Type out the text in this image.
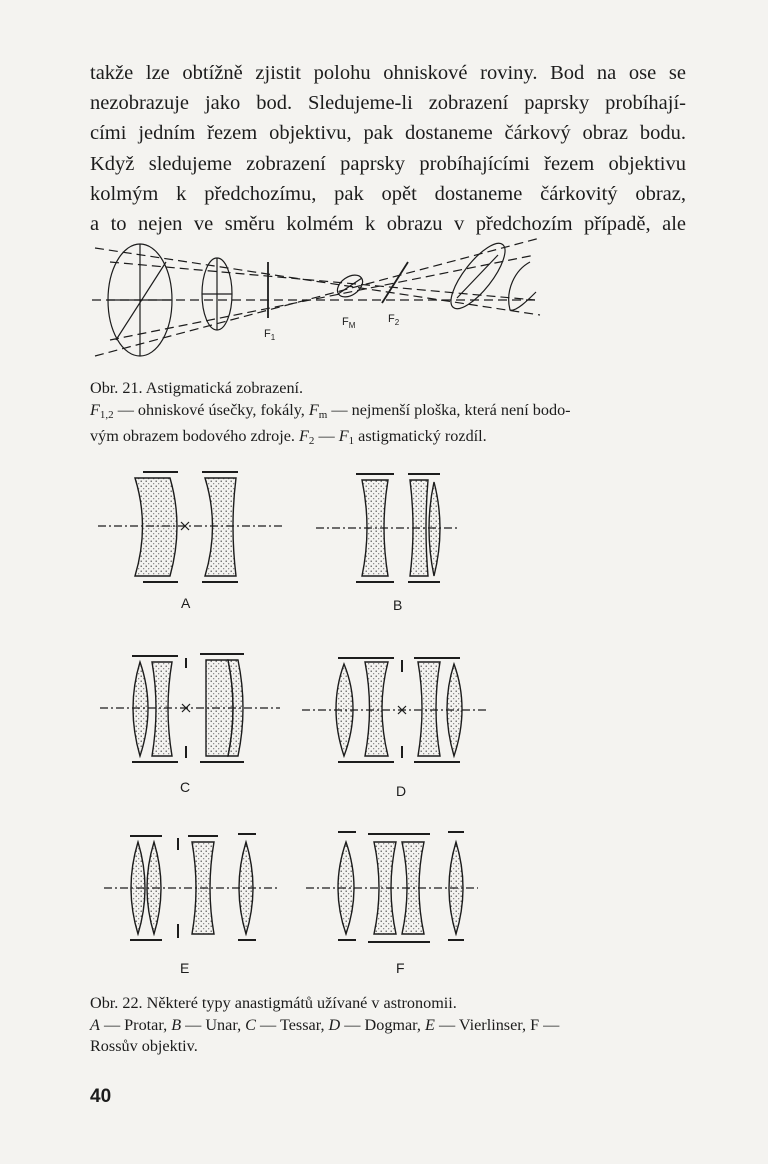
takže lze obtížně zjistit polohu ohniskové roviny. Bod na ose se
nezobrazuje jako bod. Sledujeme-li zobrazení paprsky probíhají-
cími jedním řezem objektivu, pak dostaneme čárkový obraz bodu.
Když sledujeme zobrazení paprsky probíhajícími řezem objektivu
kolmým k předchozímu, pak opět dostaneme čárkovitý obraz,
a to nejen ve směru kolmém k obrazu v předchozím případě, ale
$F_1$
$F_M$
$F_2$
Obr. 21. Astigmatická zobrazení.
$F_{1,2}$ — ohniskové úsečky, fokály, $F_m$ — nejmenší ploška, která není bodo-
vým obrazem bodového zdroje. $F_2$ — $F_1$ astigmatický rozdíl.
A	B
C	D
E	F
Obr. 22. Některé typy anastigmátů užívané v astronomii.
A — Protar, B — Unar, C — Tessar, D — Dogmar, E — Vierlinser, F —
Rossův objektiv.
40
